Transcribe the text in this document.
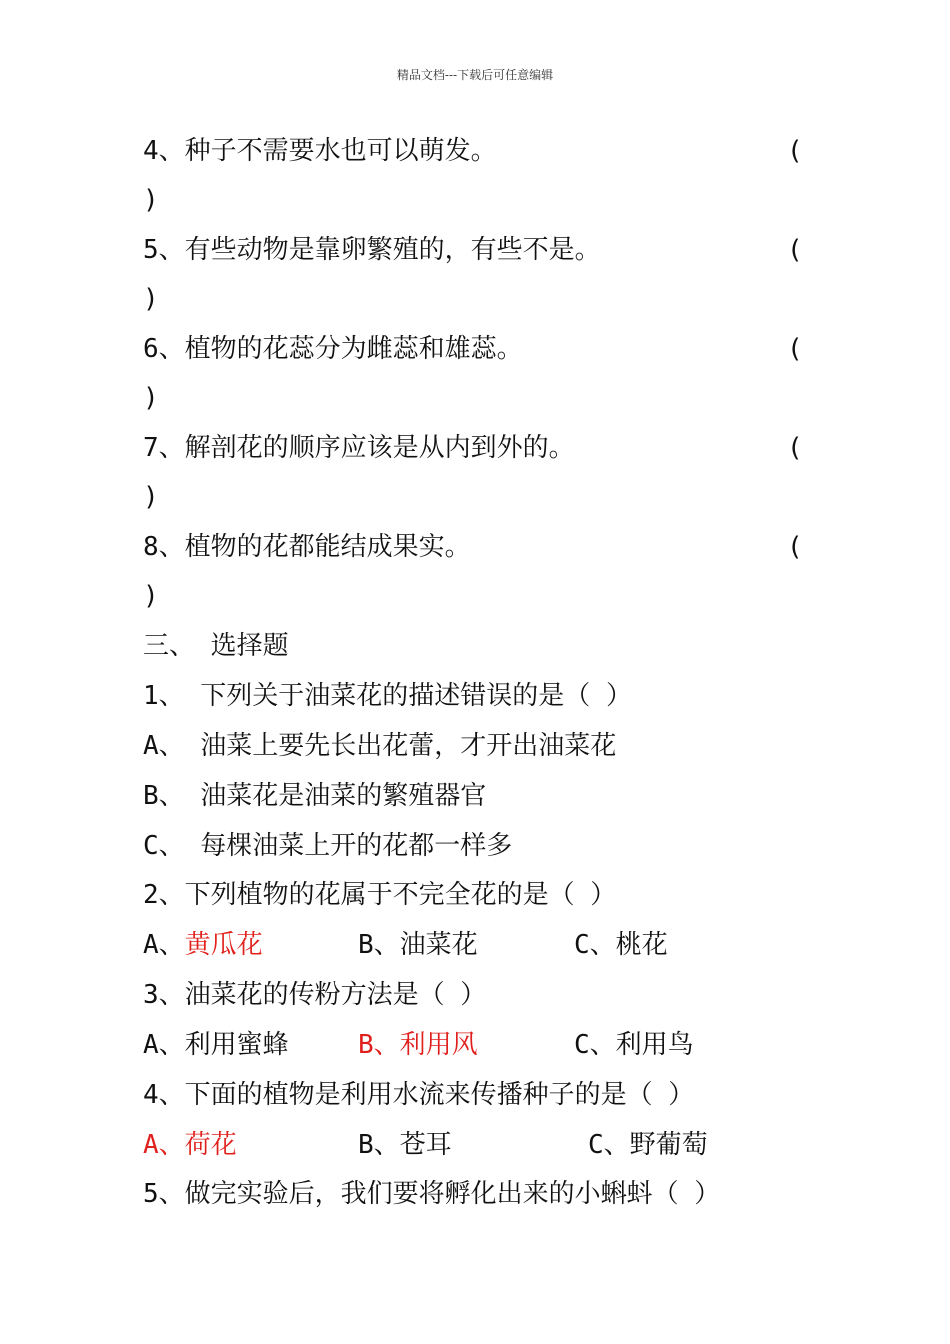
精品文档---下载后可任意编辑
4、种子不需要水也可以萌发。	(
)
5、有些动物是靠卵繁殖的，有些不是。	(
)
6、植物的花蕊分为雌蕊和雄蕊。	(
)
7、解剖花的顺序应该是从内到外的。	(
)
8、植物的花都能结成果实。	(
)
三、 选择题
1、 下列关于油菜花的描述错误的是（ ）
A、 油菜上要先长出花蕾，才开出油菜花
B、 油菜花是油菜的繁殖器官
C、 每棵油菜上开的花都一样多
2、下列植物的花属于不完全花的是（ ）
A、黄瓜花	B、油菜花	C、桃花
3、油菜花的传粉方法是（ ）
A、利用蜜蜂	B、利用风	C、利用鸟
4、下面的植物是利用水流来传播种子的是（ ）
A、荷花	B、苍耳	C、野葡萄
5、做完实验后，我们要将孵化出来的小蝌蚪（ ）
